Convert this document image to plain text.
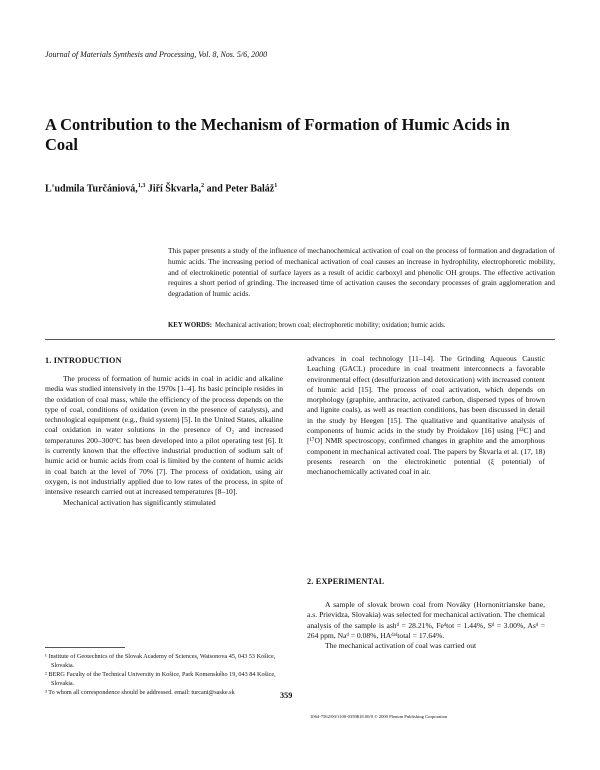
Journal of Materials Synthesis and Processing, Vol. 8, Nos. 5/6, 2000
A Contribution to the Mechanism of Formation of Humic Acids in Coal
L'udmila Turčániová,$^{1,3}$ Jiří Škvarla,$^2$ and Peter Baláž$^1$
This paper presents a study of the influence of mechanochemical activation of coal on the process of formation and degradation of humic acids. The increasing period of mechanical activation of coal causes an increase in hydrophility, electrophoretic mobility, and of electrokinetic potential of surface layers as a result of acidic carboxyl and phenolic OH groups. The effective activation requires a short period of grinding. The increased time of activation causes the secondary processes of grain agglomeration and degradation of humic acids.
KEY WORDS: Mechanical activation; brown coal; electrophoretic mobility; oxidation; humic acids.
1. INTRODUCTION

The process of formation of humic acids in coal in acidic and alkaline media was studied intensively in the 1970s [1–4]. Its basic principle resides in the oxidation of coal mass, while the efficiency of the process depends on the type of coal, conditions of oxidation (even in the presence of catalysts), and technological equipment (e.g., fluid system) [5]. In the United States, alkaline coal oxidation in water solutions in the presence of O₂ and increased temperatures 200–300°C has been developed into a pilot operating test [6]. It is currently known that the effective industrial production of sodium salt of humic acid or humic acids from coal is limited by the content of humic acids in coal batch at the level of 70% [7]. The process of oxidation, using air oxygen, is not industrially applied due to low rates of the process, in spite of intensive research carried out at increased temperatures [8–10].

Mechanical activation has significantly stimulated

advances in coal technology [11–14]. The Grinding Aqueous Caustic Leaching (GACL) procedure in coal treatment interconnects a favorable environmental effect (desulfurization and detoxication) with increased content of humic acid [15]. The process of coal activation, which depends on morphology (graphite, anthracite, activated carbon, dispersed types of brown and lignite coals), as well as reaction conditions, has been discussed in detail in the study by Heegen [15]. The qualitative and quantitative analysis of components of humic acids in the study by Proidakov [16] using [¹³C] and [¹⁷O] NMR spectroscopy, confirmed changes in graphite and the amorphous component in mechanical activated coal. The papers by Škvarla et al. (17, 18) presents research on the electrokinetic potential (ξ potential) of mechanochemically activated coal in air.

2. EXPERIMENTAL

A sample of slovak brown coal from Nováky (Hornonitrianske bane, a.s. Prievidza, Slovakia) was selected for mechanical activation. The chemical analysis of the sample is ashᵈ = 28.21%, Feᵈtot = 1.44%, Sᵈ = 3.00%, Asᵈ = 264 ppm, Naᵈ = 0.08%, HAᵈᵃᶠtotal = 17.64%.

The mechanical activation of coal was carried out

¹ Institute of Geotechnics of the Slovak Academy of Sciences, Watsonova 45, 043 53 Košice, Slovakia.
² BERG Faculty of the Technical University in Košice, Park Komenského 19, 043 84 Košice, Slovakia.
³ To whom all correspondence should be addressed. email: turcani@saske.sk	359
1064-7562/00/1100-0359$18.00/0 © 2000 Plenum Publishing Corporation
